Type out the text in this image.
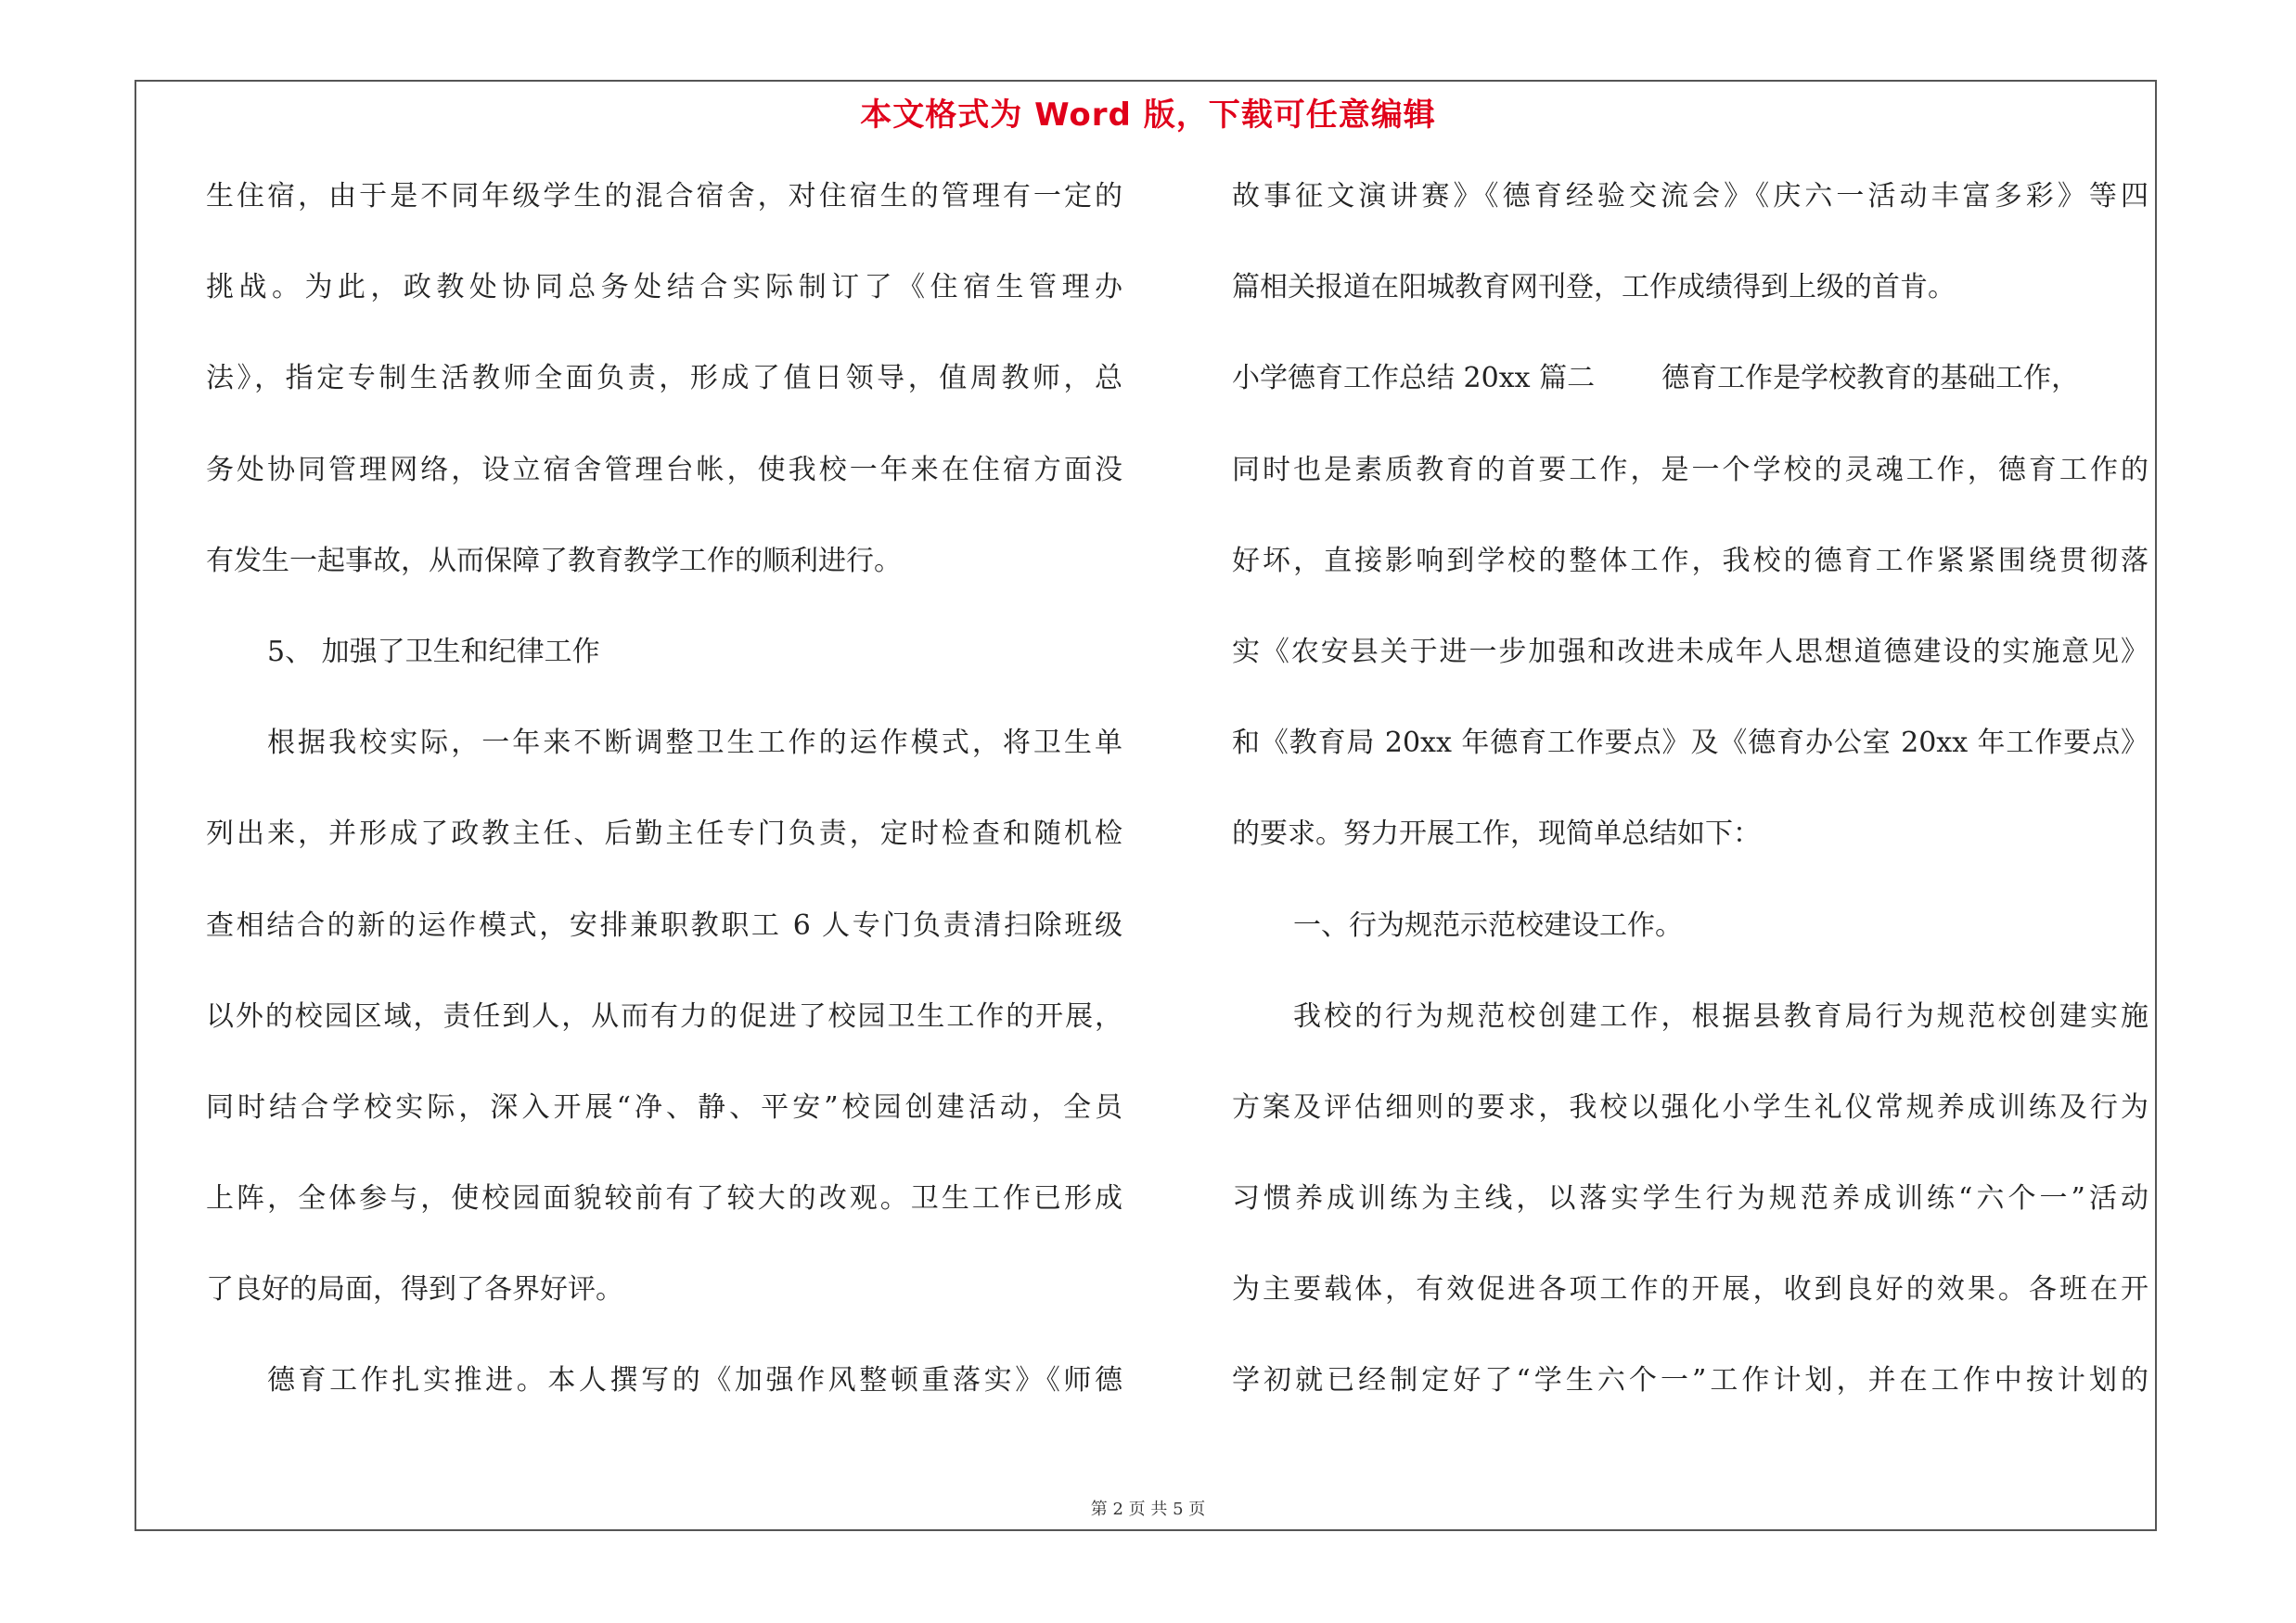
本文格式为 Word 版，下载可任意编辑
生住宿，由于是不同年级学生的混合宿舍，对住宿生的管理有一定的
挑战。为此，政教处协同总务处结合实际制订了《住宿生管理办
法》，指定专制生活教师全面负责，形成了值日领导，值周教师，总
务处协同管理网络，设立宿舍管理台帐，使我校一年来在住宿方面没
有发生一起事故，从而保障了教育教学工作的顺利进行。
5、 加强了卫生和纪律工作
根据我校实际，一年来不断调整卫生工作的运作模式，将卫生单
列出来，并形成了政教主任、后勤主任专门负责，定时检查和随机检
查相结合的新的运作模式，安排兼职教职工 6 人专门负责清扫除班级
以外的校园区域，责任到人，从而有力的促进了校园卫生工作的开展，
同时结合学校实际，深入开展“净、静、平安”校园创建活动，全员
上阵，全体参与，使校园面貌较前有了较大的改观。卫生工作已形成
了良好的局面，得到了各界好评。
德育工作扎实推进。本人撰写的《加强作风整顿重落实》《师德
故事征文演讲赛》《德育经验交流会》《庆六一活动丰富多彩》等四
篇相关报道在阳城教育网刊登，工作成绩得到上级的首肯。
小学德育工作总结 20xx 篇二 德育工作是学校教育的基础工作，
同时也是素质教育的首要工作，是一个学校的灵魂工作，德育工作的
好坏，直接影响到学校的整体工作，我校的德育工作紧紧围绕贯彻落
实《农安县关于进一步加强和改进未成年人思想道德建设的实施意见》
和《教育局 20xx 年德育工作要点》及《德育办公室 20xx 年工作要点》
的要求。努力开展工作，现简单总结如下：
一、行为规范示范校建设工作。
我校的行为规范校创建工作，根据县教育局行为规范校创建实施
方案及评估细则的要求，我校以强化小学生礼仪常规养成训练及行为
习惯养成训练为主线，以落实学生行为规范养成训练“六个一”活动
为主要载体，有效促进各项工作的开展，收到良好的效果。各班在开
学初就已经制定好了“学生六个一”工作计划，并在工作中按计划的
第 2 页 共 5 页
